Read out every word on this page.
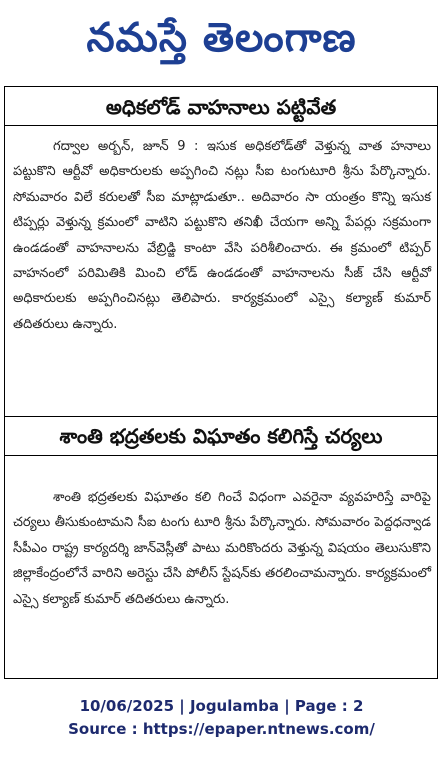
నమస్తే తెలంగాణ
అధికలోడ్ వాహనాలు పట్టివేత

గద్వాల అర్బన్, జూన్ 9 : ఇసుక అధికలోడ్‌తో వెళ్తున్న వాత హనాలు పట్టుకొని ఆర్టీవో అధికారులకు అప్పగించి నట్లు సీఐ టంగుటూరి శ్రీను పేర్కొన్నారు. సోమవారం విలే కరులతో సీఐ మాట్లాడుతూ.. అదివారం సా యంత్రం కొన్ని ఇసుక టిప్పర్లు వెళ్తున్న క్రమంలో వాటిని పట్టుకొని తనిఖీ చేయగా అన్ని పేపర్లు సక్రమంగా ఉండడంతో వాహనాలను వేబ్రిడ్జి కాంటా వేసి పరిశీలించారు. ఈ క్రమంలో టిప్పర్ వాహనంలో పరిమితికి మించి లోడ్ ఉండడంతో వాహనాలను సీజ్ చేసి ఆర్టీవో అధికారులకు అప్పగించినట్లు తెలిపారు. కార్యక్రమంలో ఎస్సై కల్యాణ్ కుమార్ తదితరులు ఉన్నారు.

శాంతి భద్రతలకు విఘాతం కలిగిస్తే చర్యలు

శాంతి భద్రతలకు విఘాతం కలి గించే విధంగా ఎవరైనా వ్యవహరిస్తే వారిపై చర్యలు తీసుకుంటామని సీఐ టంగు టూరి శ్రీను పేర్కొన్నారు. సోమవారం పెద్దధన్వాడ సీపీఎం రాష్ట్ర కార్యదర్శి జాన్‌వెస్లీతో పాటు మరికొందరు వెళ్తున్న విషయం తెలుసుకొని జిల్లాకేంద్రంలోనే వారిని అరెస్టు చేసి పోలీస్ స్టేషన్‌కు తరలించామన్నారు. కార్యక్రమంలో ఎస్సై కల్యాణ్ కుమార్ తదితరులు ఉన్నారు.

10/06/2025 | Jogulamba | Page : 2
Source : https://epaper.ntnews.com/
